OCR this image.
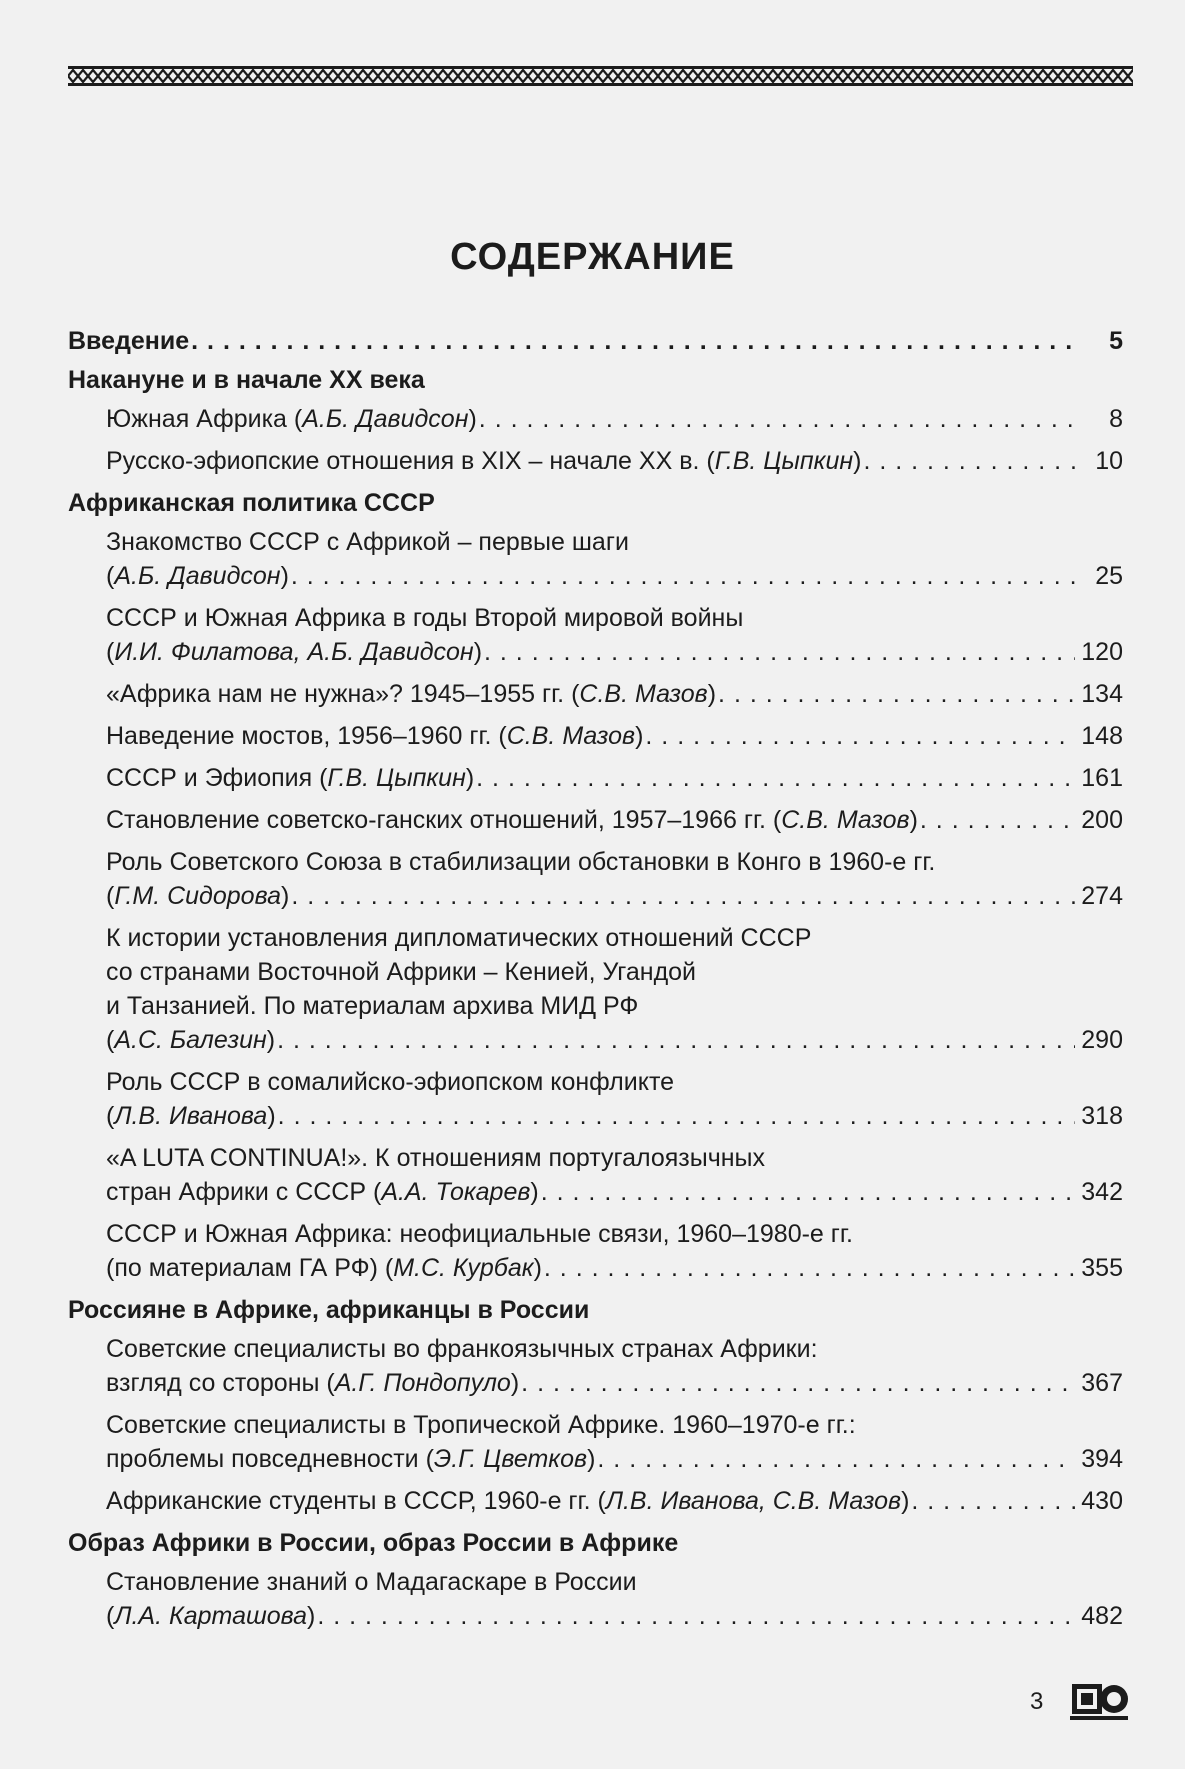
СОДЕРЖАНИЕ
Введение . . .	5
Накануне и в начале XX века
Южная Африка (А.Б. Давидсон) . . .	8
Русско-эфиопские отношения в XIX – начале XX в. (Г.В. Цыпкин) . . .	10
Африканская политика СССР
Знакомство СССР с Африкой – первые шаги
(А.Б. Давидсон) . . .	25
СССР и Южная Африка в годы Второй мировой войны
(И.И. Филатова, А.Б. Давидсон) . . .	120
«Африка нам не нужна»? 1945–1955 гг. (С.В. Мазов) . . .	134
Наведение мостов, 1956–1960 гг. (С.В. Мазов) . . .	148
СССР и Эфиопия (Г.В. Цыпкин) . . .	161
Становление советско-ганских отношений, 1957–1966 гг. (С.В. Мазов) . . .	200
Роль Советского Союза в стабилизации обстановки в Конго в 1960-е гг.
(Г.М. Сидорова) . . .	274
К истории установления дипломатических отношений СССР
со странами Восточной Африки – Кенией, Угандой
и Танзанией. По материалам архива МИД РФ
(А.С. Балезин) . . .	290
Роль СССР в сомалийско-эфиопском конфликте
(Л.В. Иванова) . . .	318
«A LUTA CONTINUA!». К отношениям португалоязычных
стран Африки с СССР (А.А. Токарев) . . .	342
СССР и Южная Африка: неофициальные связи, 1960–1980-е гг.
(по материалам ГА РФ) (М.С. Курбак) . . .	355
Россияне в Африке, африканцы в России
Советские специалисты во франкоязычных странах Африки:
взгляд со стороны (А.Г. Пондопуло) . . .	367
Советские специалисты в Тропической Африке. 1960–1970-е гг.:
проблемы повседневности (Э.Г. Цветков) . . .	394
Африканские студенты в СССР, 1960-е гг. (Л.В. Иванова, С.В. Мазов) . . .	430
Образ Африки в России, образ России в Африке
Становление знаний о Мадагаскаре в России
(Л.А. Карташова) . . .	482
3
